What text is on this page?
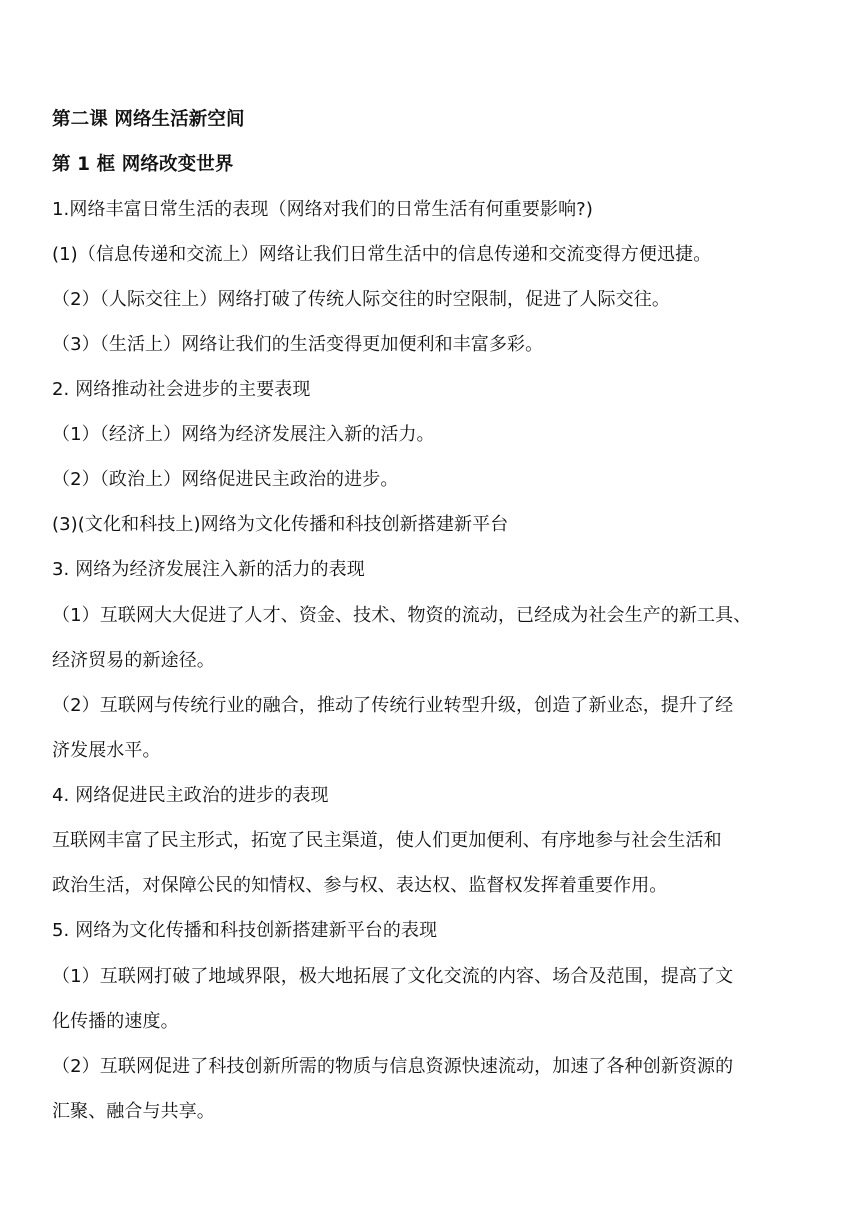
第二课 网络生活新空间

第 1 框 网络改变世界

1.网络丰富日常生活的表现（网络对我们的日常生活有何重要影响?)

(1)（信息传递和交流上）网络让我们日常生活中的信息传递和交流变得方便迅捷。

（2）（人际交往上）网络打破了传统人际交往的时空限制，促进了人际交往。

（3）（生活上）网络让我们的生活变得更加便利和丰富多彩。

2. 网络推动社会进步的主要表现

（1）（经济上）网络为经济发展注入新的活力。

（2）（政治上）网络促进民主政治的进步。

(3)(文化和科技上)网络为文化传播和科技创新搭建新平台

3. 网络为经济发展注入新的活力的表现

（1）互联网大大促进了人才、资金、技术、物资的流动，已经成为社会生产的新工具、

经济贸易的新途径。

（2）互联网与传统行业的融合，推动了传统行业转型升级，创造了新业态，提升了经

济发展水平。

4. 网络促进民主政治的进步的表现

互联网丰富了民主形式，拓宽了民主渠道，使人们更加便利、有序地参与社会生活和

政治生活，对保障公民的知情权、参与权、表达权、监督权发挥着重要作用。

5. 网络为文化传播和科技创新搭建新平台的表现

（1）互联网打破了地域界限，极大地拓展了文化交流的内容、场合及范围，提高了文

化传播的速度。

（2）互联网促进了科技创新所需的物质与信息资源快速流动，加速了各种创新资源的

汇聚、融合与共享。
